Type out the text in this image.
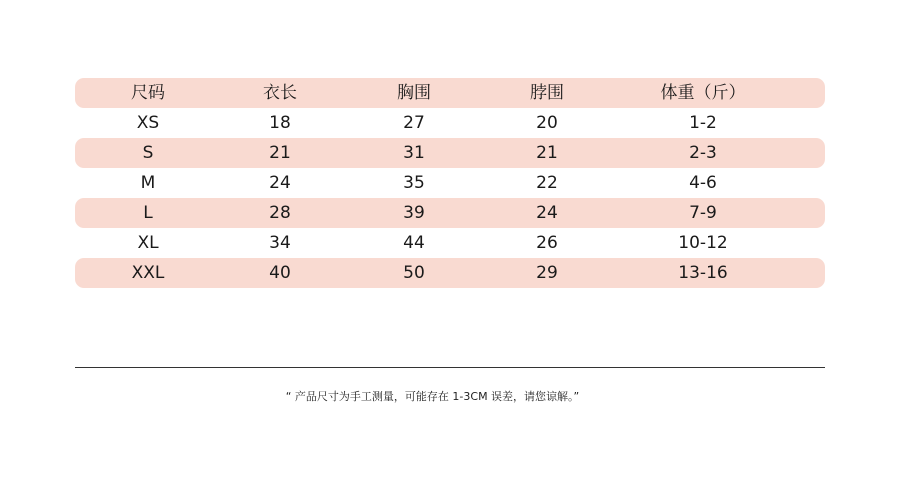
尺码	衣长	胸围	脖围	体重（斤）
XS	18	27	20	1-2
S	21	31	21	2-3
M	24	35	22	4-6
L	28	39	24	7-9
XL	34	44	26	10-12
XXL	40	50	29	13-16
“ 产品尺寸为手工测量，可能存在 1-3CM 误差，请您谅解。”
